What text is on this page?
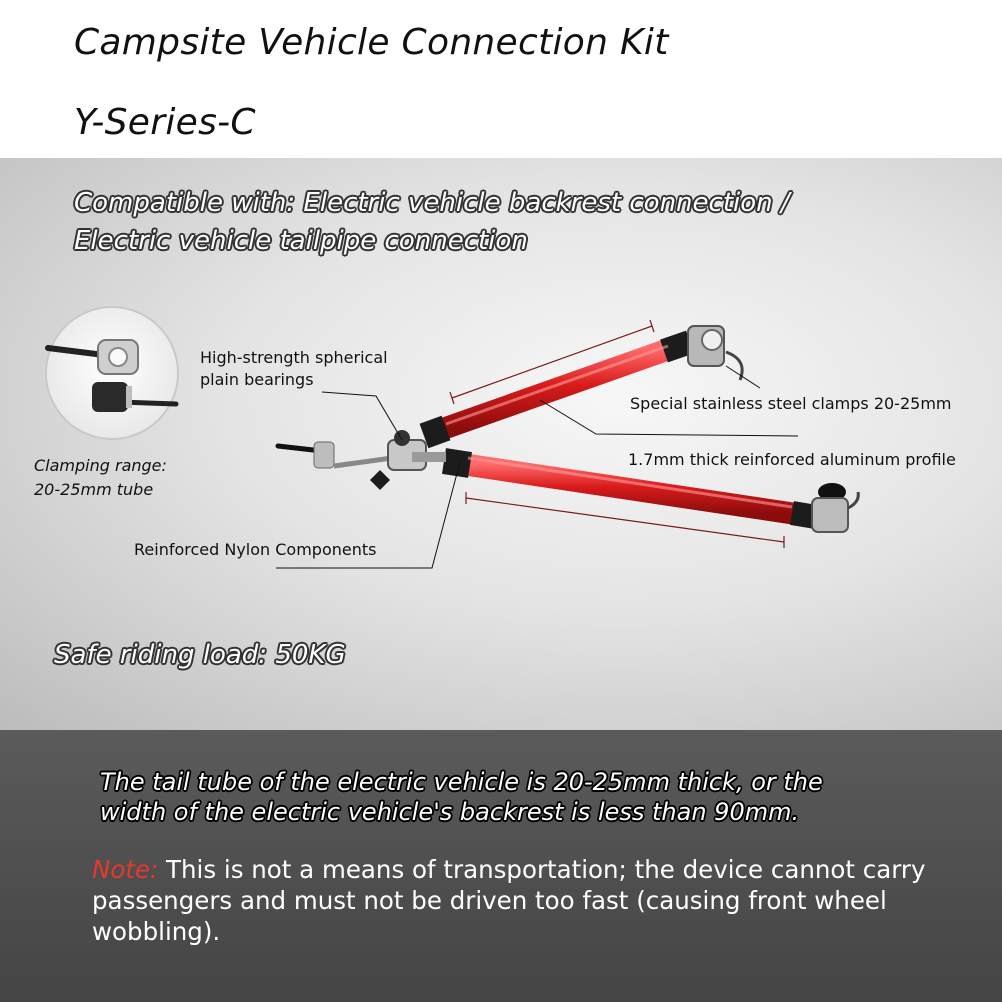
Campsite Vehicle Connection Kit
Y-Series-C
Compatible with: Electric vehicle backrest connection /
Electric vehicle tailpipe connection
High-strength spherical
plain bearings
Special stainless steel clamps 20-25mm
1.7mm thick reinforced aluminum profile
Clamping range:
20-25mm tube
Reinforced Nylon Components
Safe riding load: 50KG
The tail tube of the electric vehicle is 20-25mm thick, or the
width of the electric vehicle's backrest is less than 90mm.
Note: This is not a means of transportation; the device cannot carry passengers and must not be driven too fast (causing front wheel wobbling).
